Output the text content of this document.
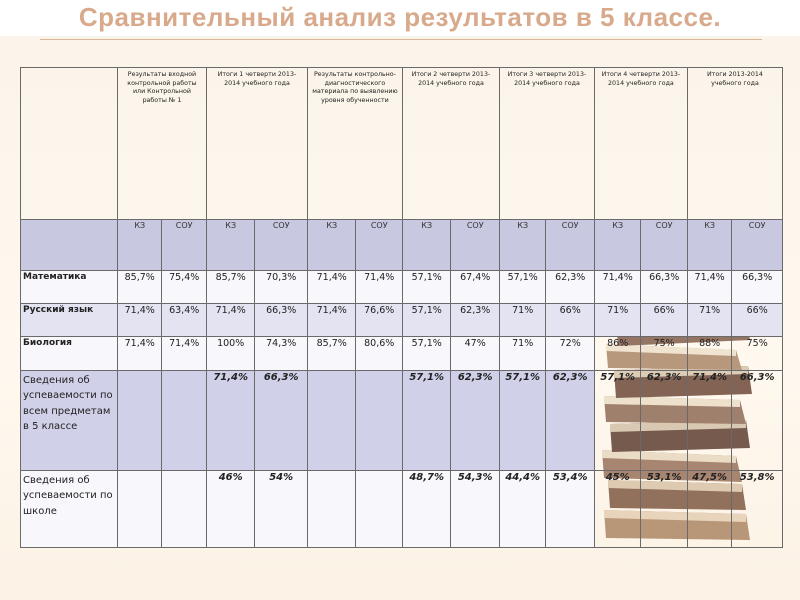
Сравнительный анализ результатов в 5 классе.
	Результаты входной контрольной работы или Контрольной работы № 1		Итоги 1 четверти 2013-2014 учебного года		Результаты контрольно-диагностического материала по выявлению уровня обученности		Итоги 2 четверти 2013-2014 учебного года		Итоги 3 четверти 2013-2014 учебного года		Итоги 4 четверти 2013-2014 учебного года		Итоги 2013-2014 учебного года	
	КЗ	СОУ	КЗ	СОУ	КЗ	СОУ	КЗ	СОУ	КЗ	СОУ	КЗ	СОУ	КЗ	СОУ
Математика	85,7%	75,4%	85,7%	70,3%	71,4%	71,4%	57,1%	67,4%	57,1%	62,3%	71,4%	66,3%	71,4%	66,3%
Русский язык	71,4%	63,4%	71,4%	66,3%	71,4%	76,6%	57,1%	62,3%	71%	66%	71%	66%	71%	66%
Биология	71,4%	71,4%	100%	74,3%	85,7%	80,6%	57,1%	47%	71%	72%	86%	75%	88%	75%
Сведения об успеваемости по всем предметам в 5 классе			71,4%	66,3%			57,1%	62,3%	57,1%	62,3%	57,1%	62,3%	71,4%	66,3%
Сведения об успеваемости по школе			46%	54%			48,7%	54,3%	44,4%	53,4%	45%	53,1%	47,5%	53,8%
